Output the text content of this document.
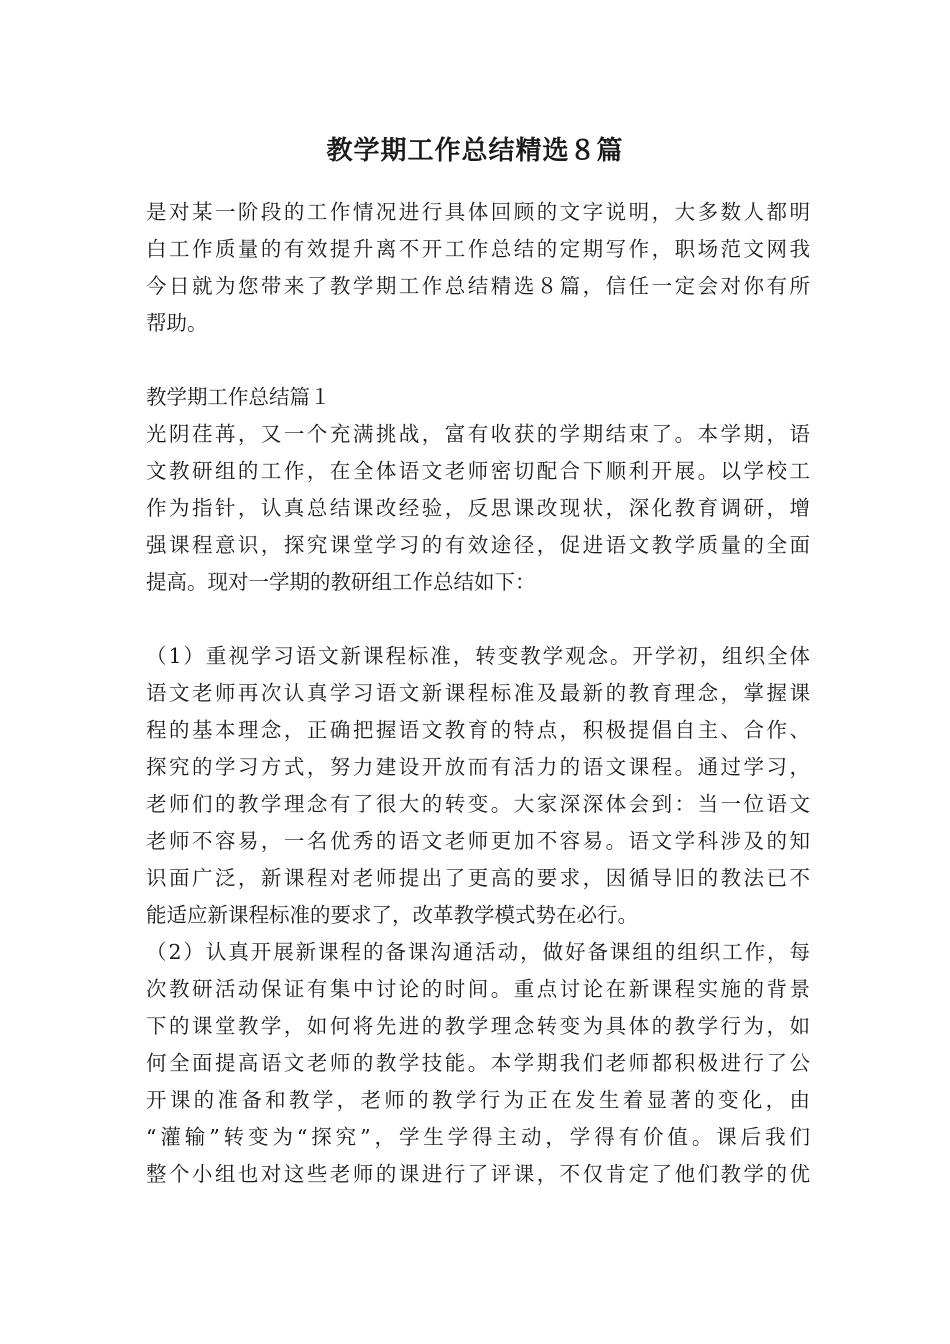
教学期工作总结精选８篇
是对某一阶段的工作情况进行具体回顾的文字说明，大多数人都明
白工作质量的有效提升离不开工作总结的定期写作，职场范文网我
今日就为您带来了教学期工作总结精选８篇，信任一定会对你有所
帮助。
教学期工作总结篇１
光阴荏苒，又一个充满挑战，富有收获的学期结束了。本学期，语
文教研组的工作，在全体语文老师密切配合下顺利开展。以学校工
作为指针，认真总结课改经验，反思课改现状，深化教育调研，增
强课程意识，探究课堂学习的有效途径，促进语文教学质量的全面
提高。现对一学期的教研组工作总结如下：
（1）重视学习语文新课程标准，转变教学观念。开学初，组织全体
语文老师再次认真学习语文新课程标准及最新的教育理念，掌握课
程的基本理念，正确把握语文教育的特点，积极提倡自主、合作、
探究的学习方式，努力建设开放而有活力的语文课程。通过学习，
老师们的教学理念有了很大的转变。大家深深体会到：当一位语文
老师不容易，一名优秀的语文老师更加不容易。语文学科涉及的知
识面广泛，新课程对老师提出了更高的要求，因循导旧的教法已不
能适应新课程标准的要求了，改革教学模式势在必行。
（2）认真开展新课程的备课沟通活动，做好备课组的组织工作，每
次教研活动保证有集中讨论的时间。重点讨论在新课程实施的背景
下的课堂教学，如何将先进的教学理念转变为具体的教学行为，如
何全面提高语文老师的教学技能。本学期我们老师都积极进行了公
开课的准备和教学，老师的教学行为正在发生着显著的变化，由
“灌输”转变为“探究”，学生学得主动，学得有价值。课后我们
整个小组也对这些老师的课进行了评课，不仅肯定了他们教学的优
